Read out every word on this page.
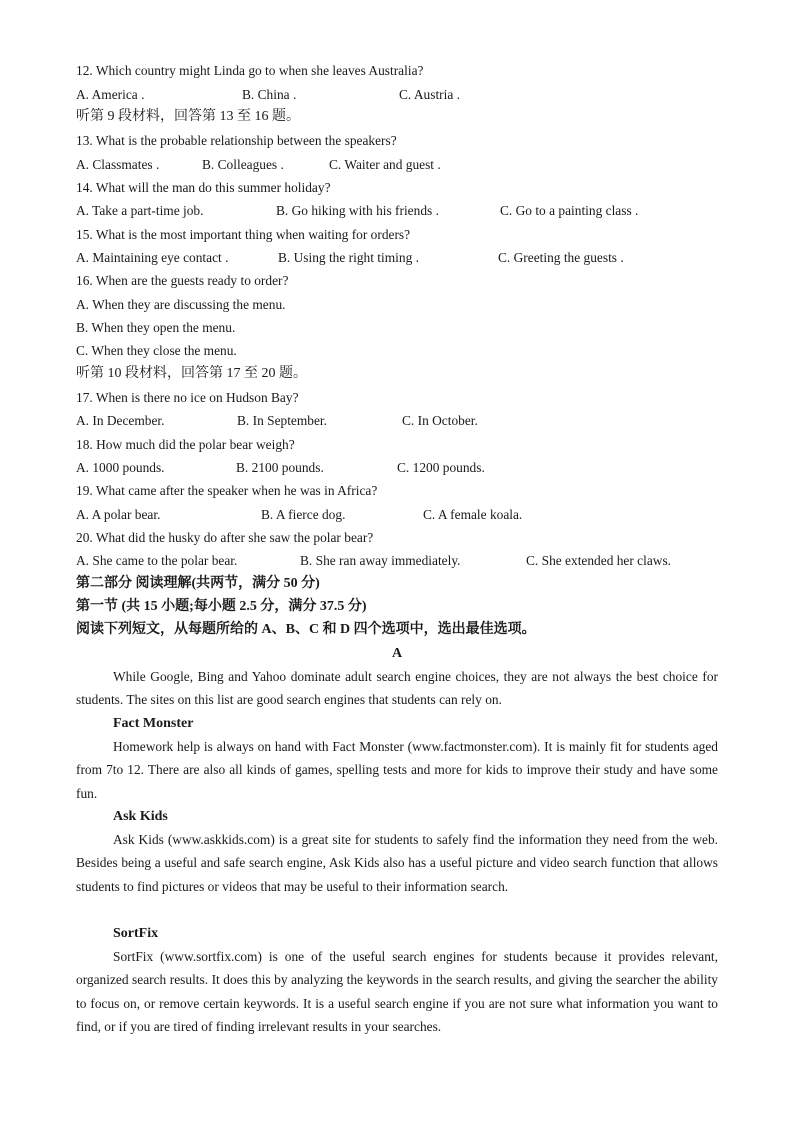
12. Which country might Linda go to when she leaves Australia?
A. America .	B. China .	C. Austria .
听第 9 段材料，回答第 13 至 16 题。
13. What is the probable relationship between the speakers?
A. Classmates .	B. Colleagues .	C. Waiter and guest .
14. What will the man do this summer holiday?
A. Take a part-time job.	B. Go hiking with his friends .	C. Go to a painting class .
15. What is the most important thing when waiting for orders?
A. Maintaining eye contact .	B. Using the right timing .	C. Greeting the guests .
16. When are the guests ready to order?
A. When they are discussing the menu.
B. When they open the menu.
C. When they close the menu.
听第 10 段材料，回答第 17 至 20 题。
17. When is there no ice on Hudson Bay?
A. In December.	B. In September.	C. In October.
18. How much did the polar bear weigh?
A. 1000 pounds.	B. 2100 pounds.	C. 1200 pounds.
19. What came after the speaker when he was in Africa?
A. A polar bear.	B. A fierce dog.	C. A female koala.
20. What did the husky do after she saw the polar bear?
A. She came to the polar bear.	B. She ran away immediately.	C. She extended her claws.
第二部分 阅读理解(共两节，满分 50 分)
第一节 (共 15 小题;每小题 2.5 分，满分 37.5 分)
阅读下列短文，从每题所给的 A、B、C 和 D 四个选项中，选出最佳选项。
A
While Google, Bing and Yahoo dominate adult search engine choices, they are not always the best choice for students. The sites on this list are good search engines that students can rely on.
Fact Monster
Homework help is always on hand with Fact Monster (www.factmonster.com). It is mainly fit for students aged from 7to 12. There are also all kinds of games, spelling tests and more for kids to improve their study and have some fun.
Ask Kids
Ask Kids (www.askkids.com) is a great site for students to safely find the information they need from the web. Besides being a useful and safe search engine, Ask Kids also has a useful picture and video search function that allows students to find pictures or videos that may be useful to their information search.
SortFix
SortFix (www.sortfix.com) is one of the useful search engines for students because it provides relevant, organized search results. It does this by analyzing the keywords in the search results, and giving the searcher the ability to focus on, or remove certain keywords. It is a useful search engine if you are not sure what information you want to find, or if you are tired of finding irrelevant results in your searches.
